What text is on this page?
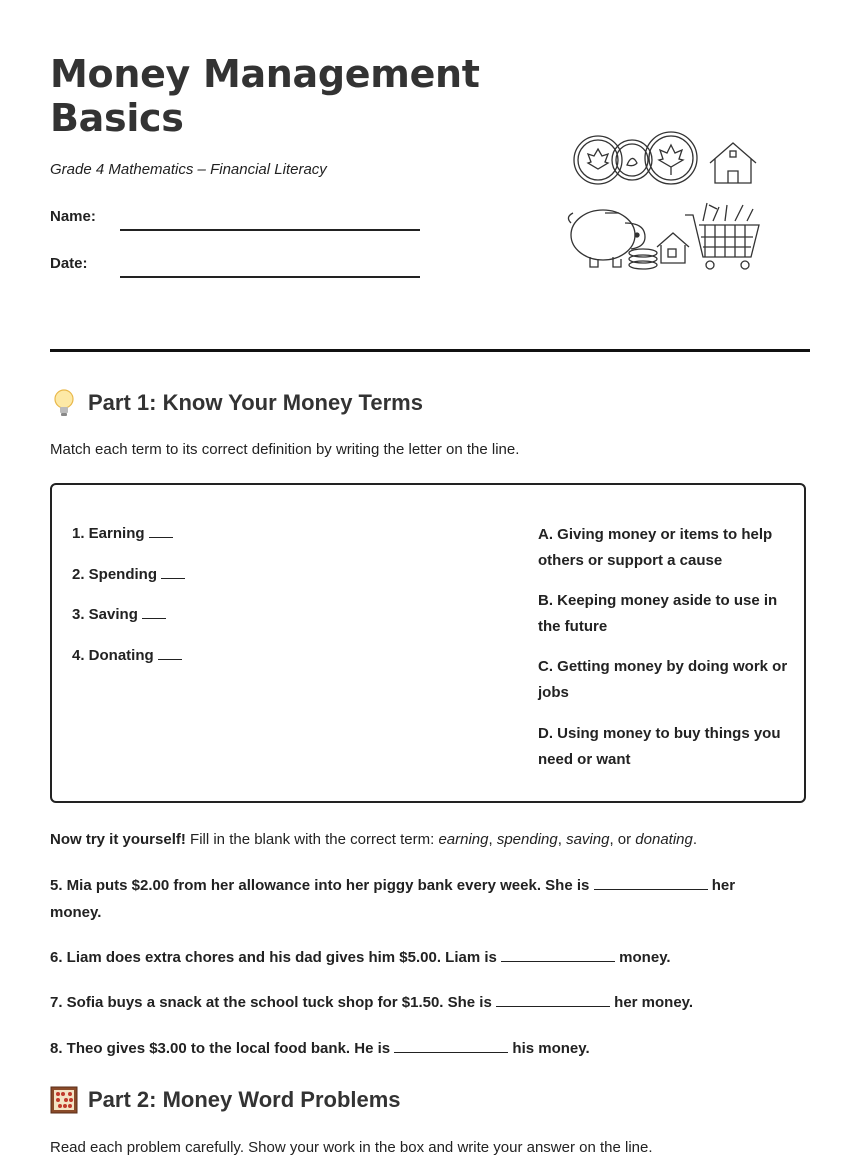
Money Management Basics
Grade 4 Mathematics – Financial Literacy
Name:
Date:
Part 1: Know Your Money Terms
Match each term to its correct definition by writing the letter on the line.
1. Earning
2. Spending
3. Saving
4. Donating
A. Giving money or items to help others or support a cause
B. Keeping money aside to use in the future
C. Getting money by doing work or jobs
D. Using money to buy things you need or want
Now try it yourself! Fill in the blank with the correct term: earning, spending, saving, or donating.
5. Mia puts $2.00 from her allowance into her piggy bank every week. She is	her money.
6. Liam does extra chores and his dad gives him $5.00. Liam is	money.
7. Sofia buys a snack at the school tuck shop for $1.50. She is	her money.
8. Theo gives $3.00 to the local food bank. He is	his money.
Part 2: Money Word Problems
Read each problem carefully. Show your work in the box and write your answer on the line.
